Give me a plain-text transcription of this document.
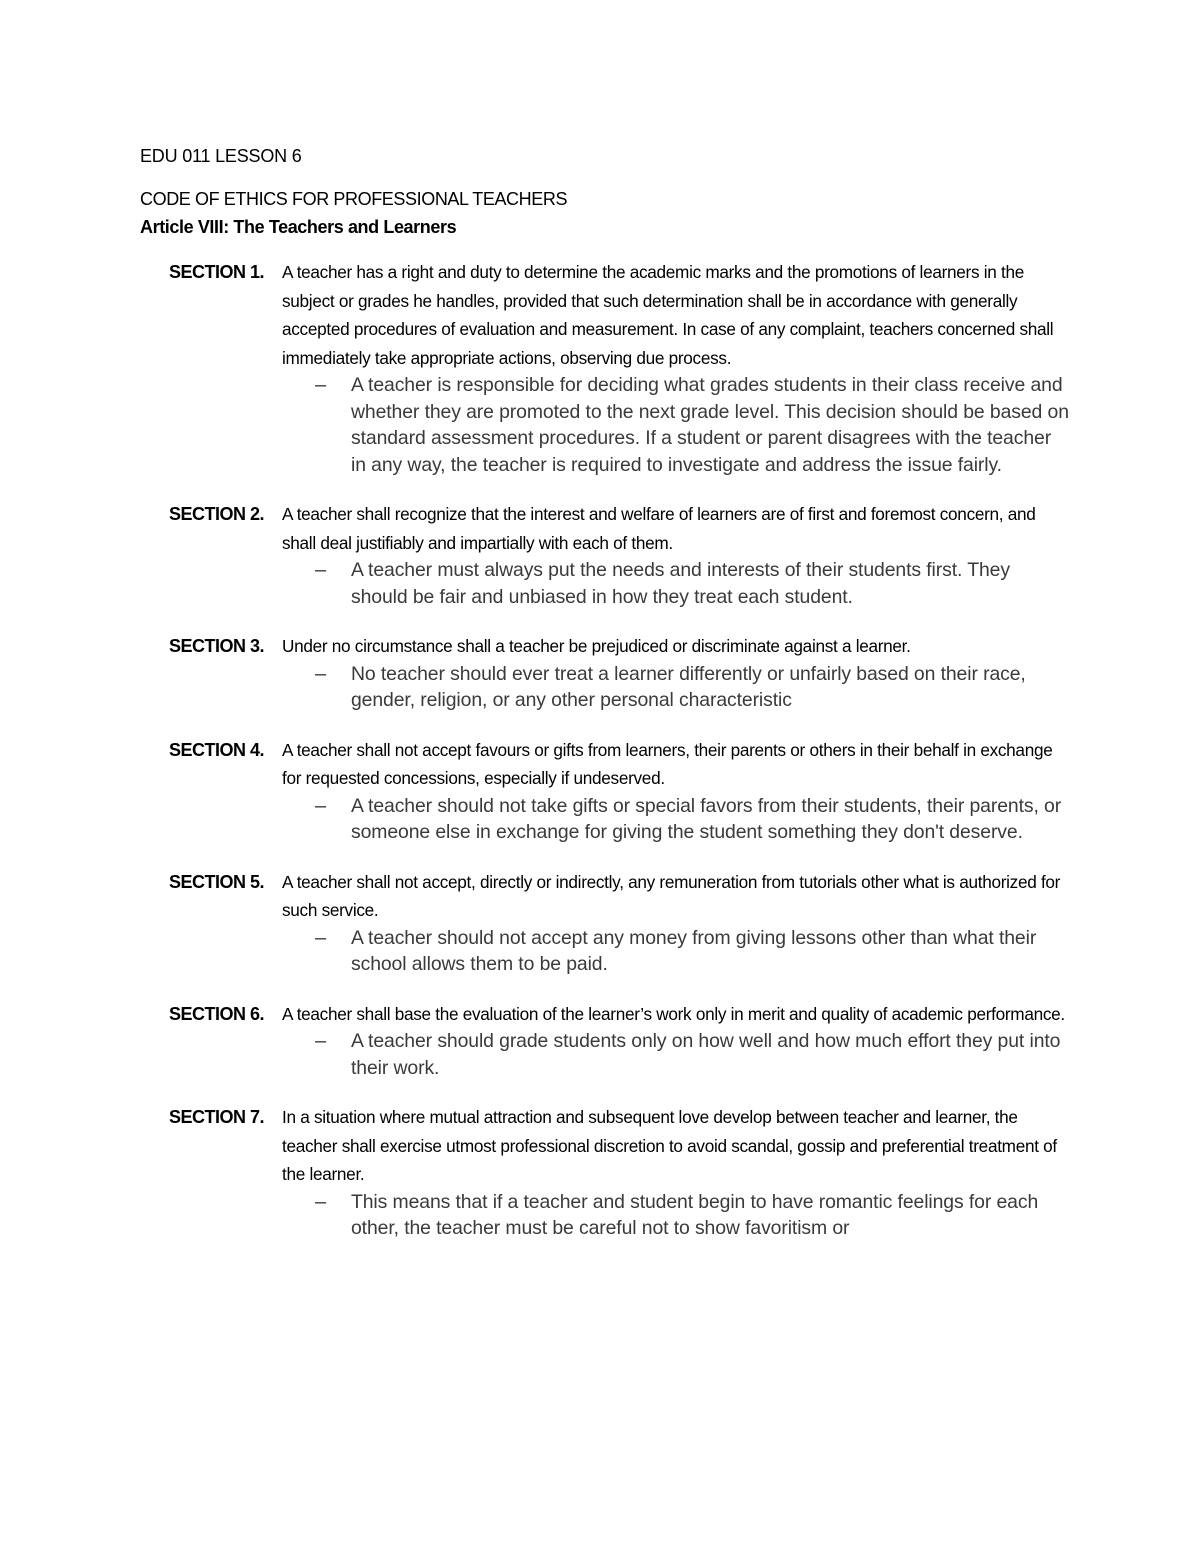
EDU 011 LESSON 6
CODE OF ETHICS FOR PROFESSIONAL TEACHERS
Article VIII: The Teachers and Learners
SECTION 1.	A teacher has a right and duty to determine the academic marks and the promotions of learners in the subject or grades he handles, provided that such determination shall be in accordance with generally accepted procedures of evaluation and measurement. In case of any complaint, teachers concerned shall immediately take appropriate actions, observing due process.

–	A teacher is responsible for deciding what grades students in their class receive and whether they are promoted to the next grade level. This decision should be based on standard assessment procedures. If a student or parent disagrees with the teacher in any way, the teacher is required to investigate and address the issue fairly.
SECTION 2.	A teacher shall recognize that the interest and welfare of learners are of first and foremost concern, and shall deal justifiably and impartially with each of them.

–	A teacher must always put the needs and interests of their students first. They should be fair and unbiased in how they treat each student.
SECTION 3.	Under no circumstance shall a teacher be prejudiced or discriminate against a learner.

–	No teacher should ever treat a learner differently or unfairly based on their race, gender, religion, or any other personal characteristic
SECTION 4.	A teacher shall not accept favours or gifts from learners, their parents or others in their behalf in exchange for requested concessions, especially if undeserved.

–	A teacher should not take gifts or special favors from their students, their parents, or someone else in exchange for giving the student something they don't deserve.
SECTION 5.	A teacher shall not accept, directly or indirectly, any remuneration from tutorials other what is authorized for such service.

–	A teacher should not accept any money from giving lessons other than what their school allows them to be paid.
SECTION 6.	A teacher shall base the evaluation of the learner’s work only in merit and quality of academic performance.

–	A teacher should grade students only on how well and how much effort they put into their work.
SECTION 7.	In a situation where mutual attraction and subsequent love develop between teacher and learner, the teacher shall exercise utmost professional discretion to avoid scandal, gossip and preferential treatment of the learner.

–	This means that if a teacher and student begin to have romantic feelings for each other, the teacher must be careful not to show favoritism or
